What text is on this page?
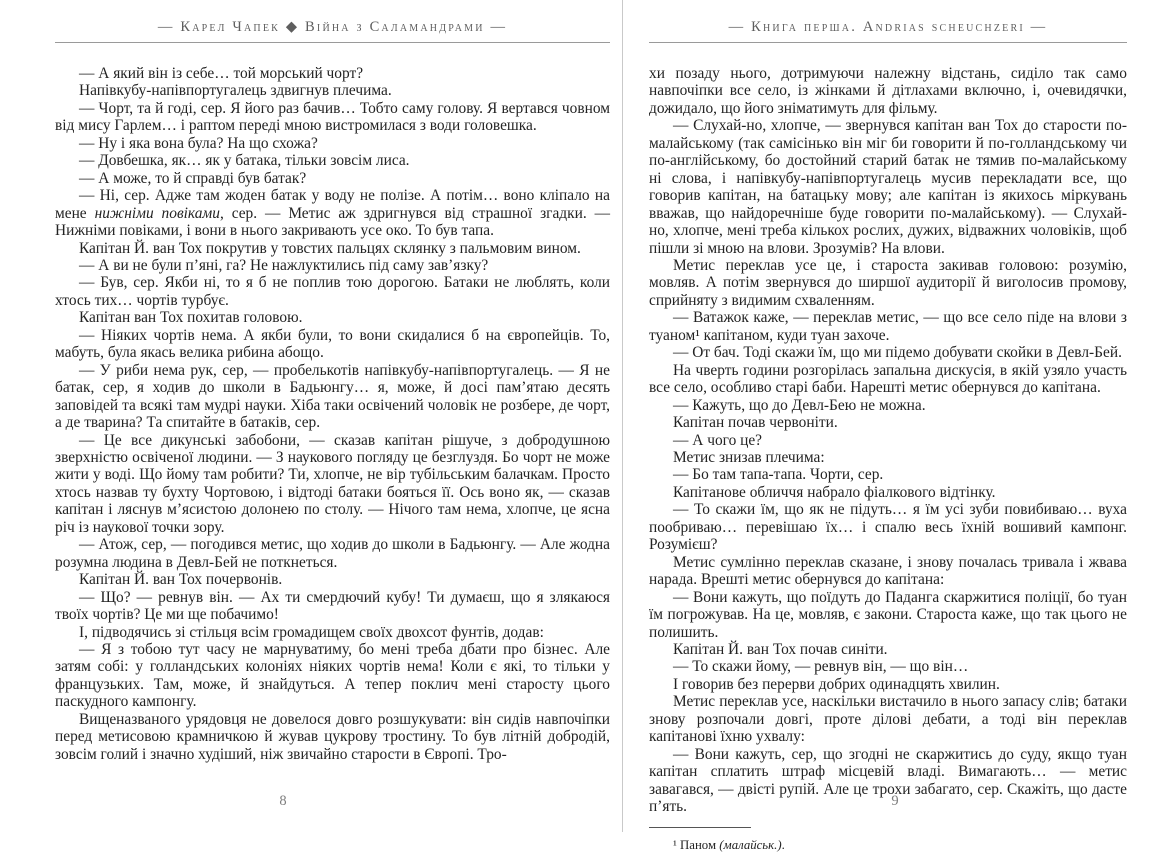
— Карел Чапек ◆ Війна з Саламандрами —

— А який він із себе… той морський чорт?

Напівкубу-напівпортугалець здвигнув плечима.

— Чорт, та й годі, сер. Я його раз бачив… Тобто саму голову. Я вертався човном від мису Гарлем… і раптом переді мною вистромилася з води головешка.

— Ну і яка вона була? На що схожа?

— Довбешка, як… як у батака, тільки зовсім лиса.

— А може, то й справді був батак?

— Ні, сер. Адже там жоден батак у воду не полізе. А потім… воно кліпало на мене нижніми повіками, сер. — Метис аж здригнувся від страшної згадки. — Нижніми повіками, і вони в нього закривають усе око. То був тапа.

Капітан Й. ван Тох покрутив у товстих пальцях склянку з пальмовим вином.

— А ви не були п’яні, га? Не нажлуктились під саму зав’язку?

— Був, сер. Якби ні, то я б не поплив тою дорогою. Батаки не люблять, коли хтось тих… чортів турбує.

Капітан ван Тох похитав головою.

— Ніяких чортів нема. А якби були, то вони скидалися б на європейців. То, мабуть, була якась велика рибина абощо.

— У риби нема рук, сер, — пробелькотів напівкубу-напівпортугалець. — Я не батак, сер, я ходив до школи в Бадьюнгу… я, може, й досі пам’ятаю десять заповідей та всякі там мудрі науки. Хіба таки освічений чоловік не розбере, де чорт, а де тварина? Та спитайте в батаків, сер.

— Це все дикунські забобони, — сказав капітан рішуче, з добродушною зверхністю освіченої людини. — З наукового погляду це безглуздя. Бо чорт не може жити у воді. Що йому там робити? Ти, хлопче, не вір тубільським балачкам. Просто хтось назвав ту бухту Чортовою, і відтоді батаки бояться її. Ось воно як, — сказав капітан і ляснув м’ясистою долонею по столу. — Нічого там нема, хлопче, це ясна річ із наукової точки зору.

— Атож, сер, — погодився метис, що ходив до школи в Бадьюнгу. — Але жодна розумна людина в Девл-Бей не поткнеться.

Капітан Й. ван Тох почервонів.

— Що? — ревнув він. — Ах ти смердючий кубу! Ти думаєш, що я злякаюся твоїх чортів? Це ми ще побачимо!

І, підводячись зі стільця всім громадищем своїх двохсот фунтів, додав:

— Я з тобою тут часу не марнуватиму, бо мені треба дбати про бізнес. Але затям собі: у голландських колоніях ніяких чортів нема! Коли є які, то тільки у французьких. Там, може, й знайдуться. А тепер поклич мені старосту цього паскудного кампонгу.

Вищеназваного урядовця не довелося довго розшукувати: він сидів навпочіпки перед метисовою крамничкою й жував цукрову тростину. То був літній добродій, зовсім голий і значно худіший, ніж звичайно старости в Європі. Тро-

8
— Книга перша. Andrias scheuchzeri —

хи позаду нього, дотримуючи належну відстань, сиділо так само навпочіпки все село, із жінками й дітлахами включно, і, очевидячки, дожидало, що його зніматимуть для фільму.

— Слухай-но, хлопче, — звернувся капітан ван Тох до старости по-малайському (так самісінько він міг би говорити й по-голландському чи по-англійському, бо достойний старий батак не тямив по-малайському ні слова, і напівкубу-напівпортугалець мусив перекладати все, що говорив капітан, на батацьку мову; але капітан із якихось міркувань вважав, що найдоречніше буде говорити по-малайському). — Слухай-но, хлопче, мені треба кількох рослих, дужих, відважних чоловіків, щоб пішли зі мною на влови. Зрозумів? На влови.

Метис переклав усе це, і староста закивав головою: розумію, мовляв. А потім звернувся до ширшої аудиторії й виголосив промову, сприйняту з видимим схваленням.

— Ватажок каже, — переклав метис, — що все село піде на влови з туаном¹ капітаном, куди туан захоче.

— От бач. Тоді скажи їм, що ми підемо добувати скойки в Девл-Бей.

На чверть години розгорілась запальна дискусія, в якій узяло участь все село, особливо старі баби. Нарешті метис обернувся до капітана.

— Кажуть, що до Девл-Бею не можна.

Капітан почав червоніти.

— А чого це?

Метис знизав плечима:

— Бо там тапа-тапа. Чорти, сер.

Капітанове обличчя набрало фіалкового відтінку.

— То скажи їм, що як не підуть… я їм усі зуби повибиваю… вуха пообриваю… перевішаю їх… і спалю весь їхній вошивий кампонг. Розумієш?

Метис сумлінно переклав сказане, і знову почалась тривала і жвава нарада. Врешті метис обернувся до капітана:

— Вони кажуть, що поїдуть до Паданга скаржитися поліції, бо туан їм погрожував. На це, мовляв, є закони. Староста каже, що так цього не полишить.

Капітан Й. ван Тох почав синіти.

— То скажи йому, — ревнув він, — що він…

І говорив без перерви добрих одинадцять хвилин.

Метис переклав усе, наскільки вистачило в нього запасу слів; батаки знову розпочали довгі, проте ділові дебати, а тоді він переклав капітанові їхню ухвалу:

— Вони кажуть, сер, що згодні не скаржитись до суду, якщо туан капітан сплатить штраф місцевій владі. Вимагають… — метис завагався, — двісті рупій. Але це трохи забагато, сер. Скажіть, що дасте п’ять.

¹ Паном (малайськ.).
9
